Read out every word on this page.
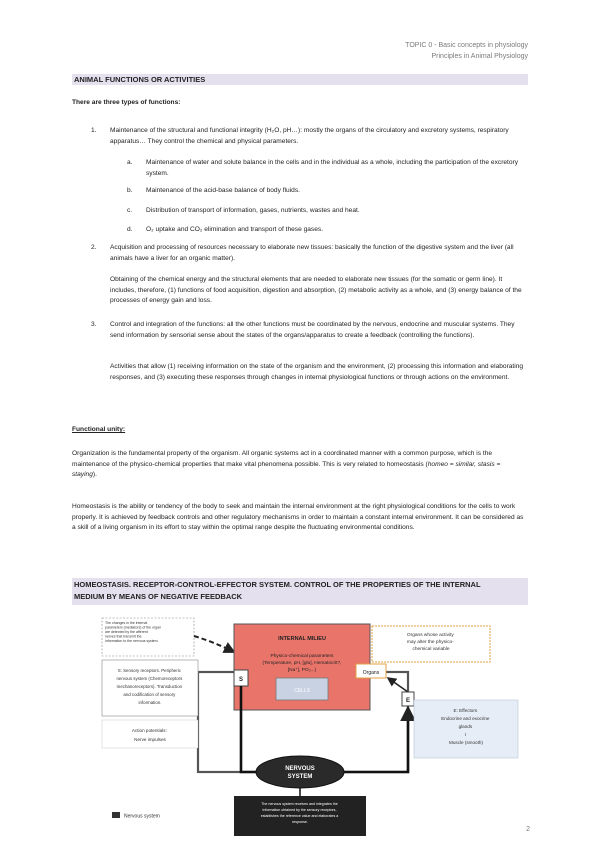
TOPIC 0 - Basic concepts in physiology
Principles in Animal Physiology
ANIMAL FUNCTIONS OR ACTIVITIES

There are three types of functions:

1. Maintenance of the structural and functional integrity (H₂O, pH…): mostly the organs of the circulatory and excretory systems, respiratory apparatus… They control the chemical and physical parameters.

a. Maintenance of water and solute balance in the cells and in the individual as a whole, including the participation of the excretory system.

b. Maintenance of the acid-base balance of body fluids.

c. Distribution of transport of information, gases, nutrients, wastes and heat.

d. O₂ uptake and CO₂ elimination and transport of these gases.

2. Acquisition and processing of resources necessary to elaborate new tissues: basically the function of the digestive system and the liver (all animals have a liver for an organic matter).

Obtaining of the chemical energy and the structural elements that are needed to elaborate new tissues (for the somatic or germ line). It includes, therefore, (1) functions of food acquisition, digestion and absorption, (2) metabolic activity as a whole, and (3) energy balance of the processes of energy gain and loss.

3. Control and integration of the functions: all the other functions must be coordinated by the nervous, endocrine and muscular systems. They send information by sensorial sense about the states of the organs/apparatus to create a feedback (controlling the functions).

Activities that allow (1) receiving information on the state of the organism and the environment, (2) processing this information and elaborating responses, and (3) executing these responses through changes in internal physiological functions or through actions on the environment.

Functional unity:

Organization is the fundamental property of the organism. All organic systems act in a coordinated manner with a common purpose, which is the maintenance of the physico-chemical properties that make vital phenomena possible. This is very related to homeostasis (homeo = similar, stasis = staying).

Homeostasis is the ability or tendency of the body to seek and maintain the internal environment at the right physiological conditions for the cells to work properly. It is achieved by feedback controls and other regulatory mechanisms in order to maintain a constant internal environment. It can be considered as a skill of a living organism in its effort to stay within the optimal range despite the fluctuating environmental conditions.

HOMEOSTASIS. RECEPTOR-CONTROL-EFFECTOR SYSTEM. CONTROL OF THE PROPERTIES OF THE INTERNAL
MEDIUM BY MEANS OF NEGATIVE FEEDBACK
The changes in the internal parameters (mediators) of the organ are detected by the afferent nerves that transmit the information to the nervous system.	INTERNAL MILIEU
Physico-chemical parameters
(Temperature, pH, [glu], Hematocrit?,
[Na⁺], PO₂...)
CELLS
S
Organs whose activity may alter the physico- chemical variable
Organs
E
S: Sensory receptors. Peripheric nervous system (Chemoreceptors mechanoreceptors). Transduction and codification of sensory information.
Action potentials: Nerve impulses
NERVOUS
SYSTEM
E: Effectors Endocrine and exocrine glands I Muscle (smooth)
Nervous system
The nervous system receives and integrates the information obtained by the sensory receptors, establishes the reference value and elaborates a response.
2
